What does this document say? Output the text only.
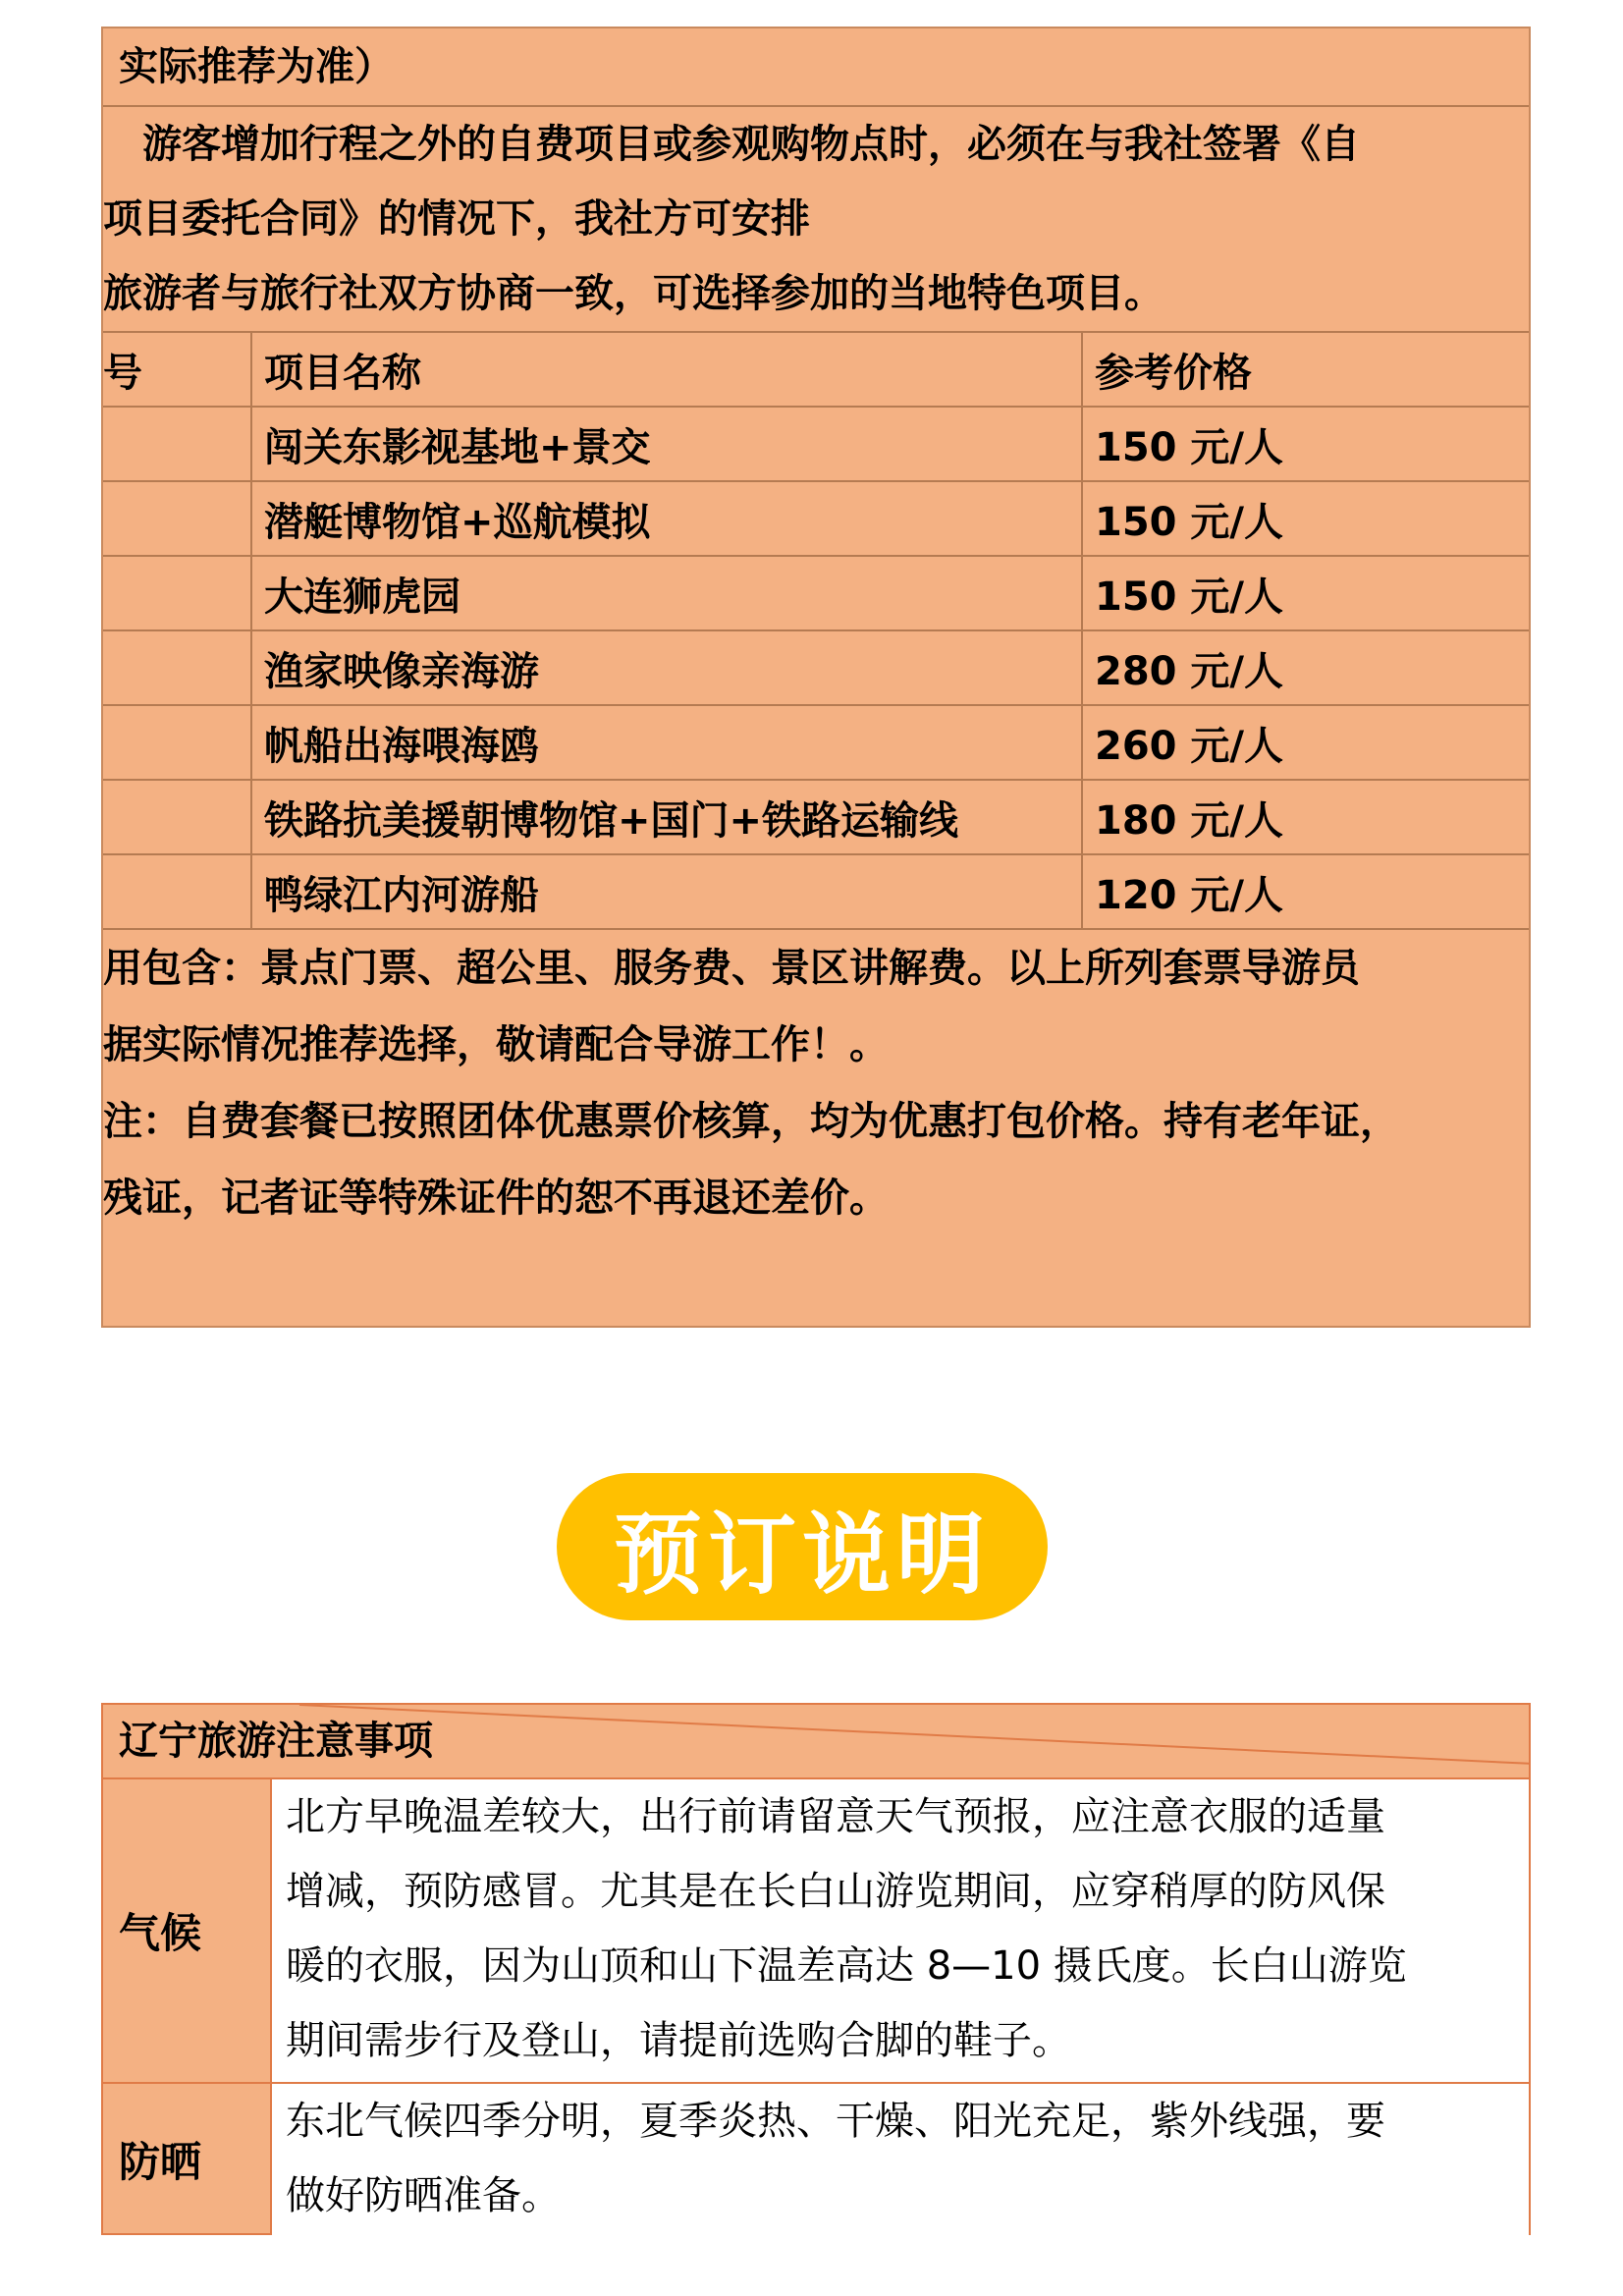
实际推荐为准）
游客增加行程之外的自费项目或参观购物点时，必须在与我社签署《自
项目委托合同》的情况下，我社方可安排
旅游者与旅行社双方协商一致，可选择参加的当地特色项目。
号	项目名称	参考价格
	闯关东影视基地+景交	150 元/人
	潜艇博物馆+巡航模拟	150 元/人
	大连狮虎园	150 元/人
	渔家映像亲海游	280 元/人
	帆船出海喂海鸥	260 元/人
	铁路抗美援朝博物馆+国门+铁路运输线	180 元/人
	鸭绿江内河游船	120 元/人
用包含：景点门票、超公里、服务费、景区讲解费。以上所列套票导游员
据实际情况推荐选择，敬请配合导游工作！。
注：自费套餐已按照团体优惠票价核算，均为优惠打包价格。持有老年证，
残证，记者证等特殊证件的恕不再退还差价。
预订说明
辽宁旅游注意事项
气候
北方早晚温差较大，出行前请留意天气预报，应注意衣服的适量
增减，预防感冒。尤其是在长白山游览期间，应穿稍厚的防风保
暖的衣服，因为山顶和山下温差高达 8—10 摄氏度。长白山游览
期间需步行及登山，请提前选购合脚的鞋子。
防晒
东北气候四季分明，夏季炎热、干燥、阳光充足，紫外线强，要
做好防晒准备。
